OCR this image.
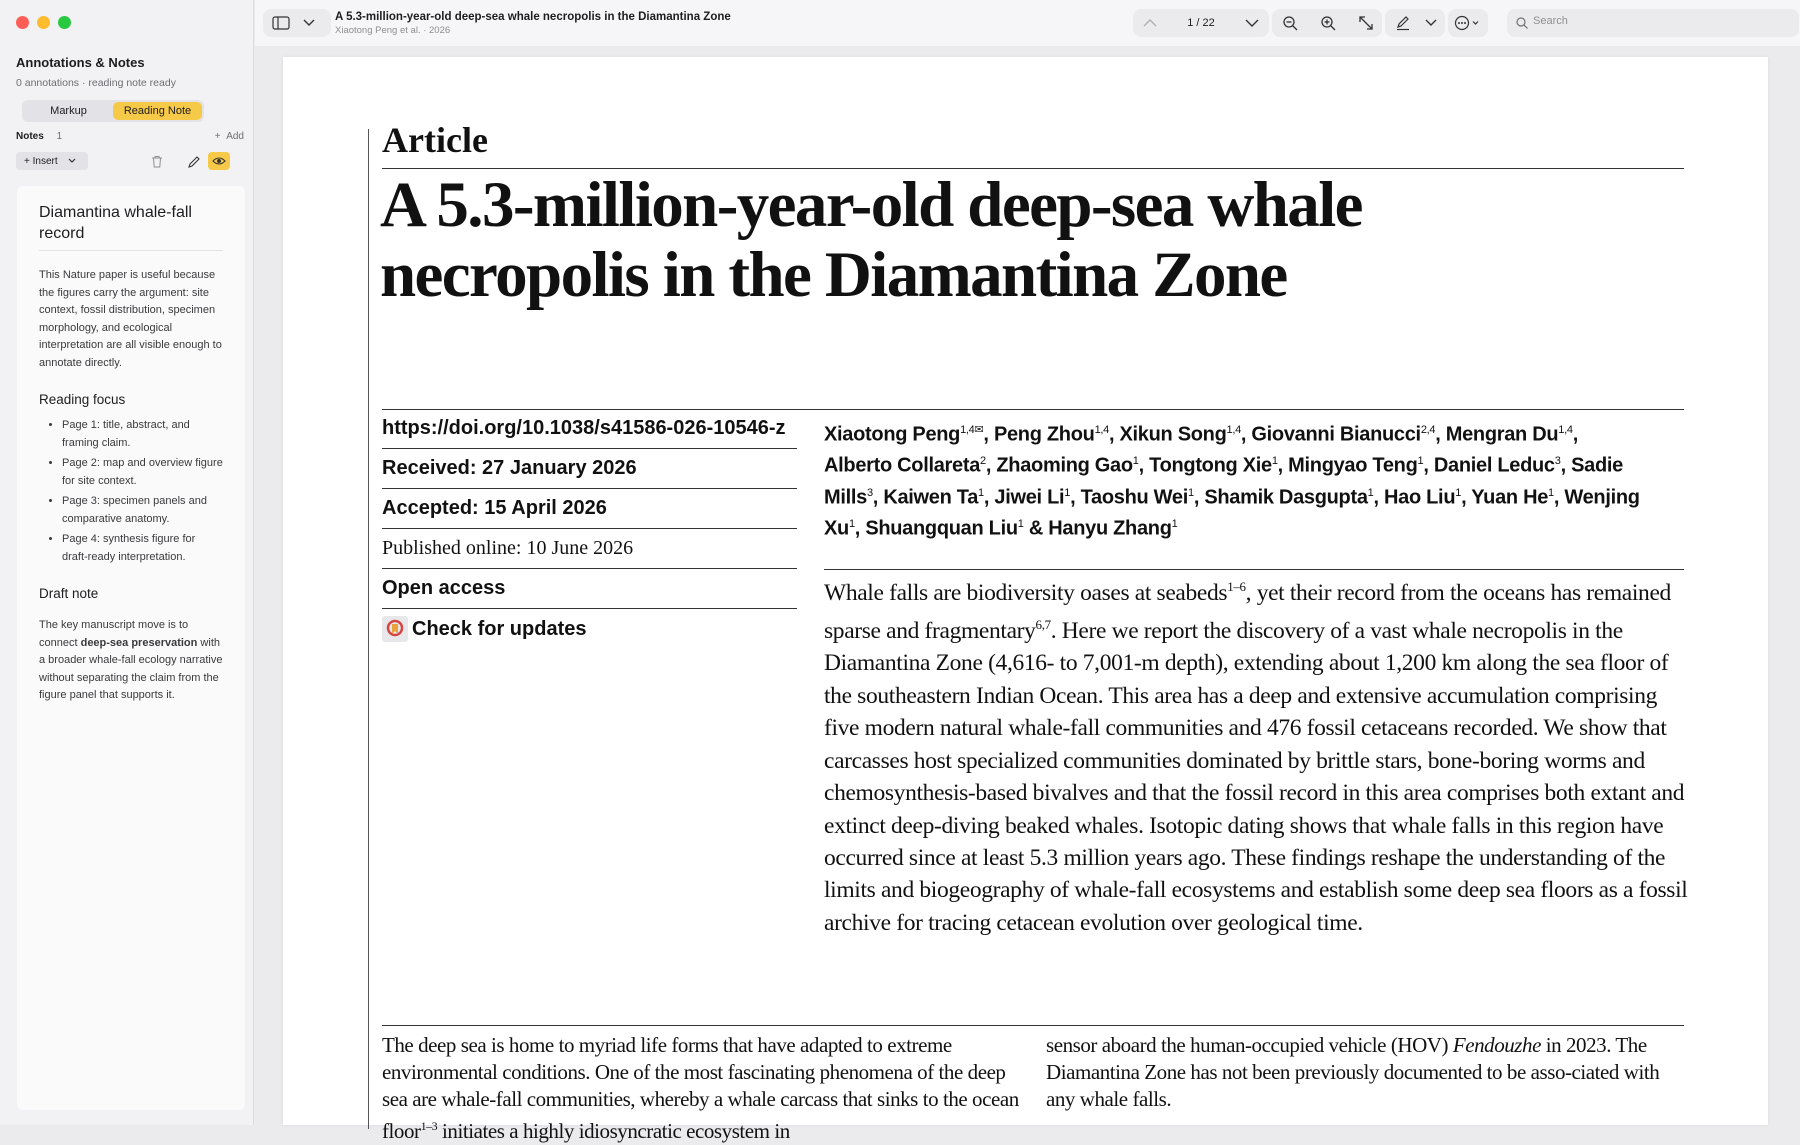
Annotations & Notes
0 annotations · reading note ready
Markup	Reading Note
Notes 1	+  Add
+ Insert
Diamantina whale-fall record

This Nature paper is useful because the figures carry the argument: site context, fossil distribution, specimen morphology, and ecological interpretation are all visible enough to annotate directly.

Reading focus
• Page 1: title, abstract, and framing claim.
• Page 2: map and overview figure for site context.
• Page 3: specimen panels and comparative anatomy.
• Page 4: synthesis figure for draft-ready interpretation.
Draft note

The key manuscript move is to connect deep-sea preservation with a broader whale-fall ecology narrative without separating the claim from the figure panel that supports it.

A 5.3-million-year-old deep-sea whale necropolis in the Diamantina Zone
Xiaotong Peng et al. · 2026
1 / 22
Search
Article
A 5.3-million-year-old deep-sea whale necropolis in the Diamantina Zone
https://doi.org/10.1038/s41586-026-10546-z
Received: 27 January 2026
Accepted: 15 April 2026
Published online: 10 June 2026
Open access
Check for updates
Xiaotong Peng$^{1,4✉}$, Peng Zhou$^{1,4}$, Xikun Song$^{1,4}$, Giovanni Bianucci$^{2,4}$, Mengran Du$^{1,4}$, Alberto Collareta$^2$, Zhaoming Gao$^1$, Tongtong Xie$^1$, Mingyao Teng$^1$, Daniel Leduc$^3$, Sadie Mills$^3$, Kaiwen Ta$^1$, Jiwei Li$^1$, Taoshu Wei$^1$, Shamik Dasgupta$^1$, Hao Liu$^1$, Yuan He$^1$, Wenjing Xu$^1$, Shuangquan Liu$^1$ & Hanyu Zhang$^1$
Whale falls are biodiversity oases at seabeds$^{1-6}$, yet their record from the oceans has remained sparse and fragmentary$^{6,7}$. Here we report the discovery of a vast whale necropolis in the Diamantina Zone (4,616- to 7,001-m depth), extending about 1,200 km along the sea floor of the southeastern Indian Ocean. This area has a deep and extensive accumulation comprising five modern natural whale-fall communities and 476 fossil cetaceans recorded. We show that carcasses host specialized communities dominated by brittle stars, bone-boring worms and chemosynthesis-based bivalves and that the fossil record in this area comprises both extant and extinct deep-diving beaked whales. Isotopic dating shows that whale falls in this region have occurred since at least 5.3 million years ago. These findings reshape the understanding of the limits and biogeography of whale-fall ecosystems and establish some deep sea floors as a fossil archive for tracing cetacean evolution over geological time.
The deep sea is home to myriad life forms that have adapted to extreme environmental conditions. One of the most fascinating phenomena of the deep sea are whale-fall communities, whereby a whale carcass that sinks to the ocean floor$^{1-3}$ initiates a highly idiosyncratic ecosystem in
sensor aboard the human-occupied vehicle (HOV) Fendouzhe in 2023. The Diamantina Zone has not been previously documented to be asso-ciated with any whale falls.
